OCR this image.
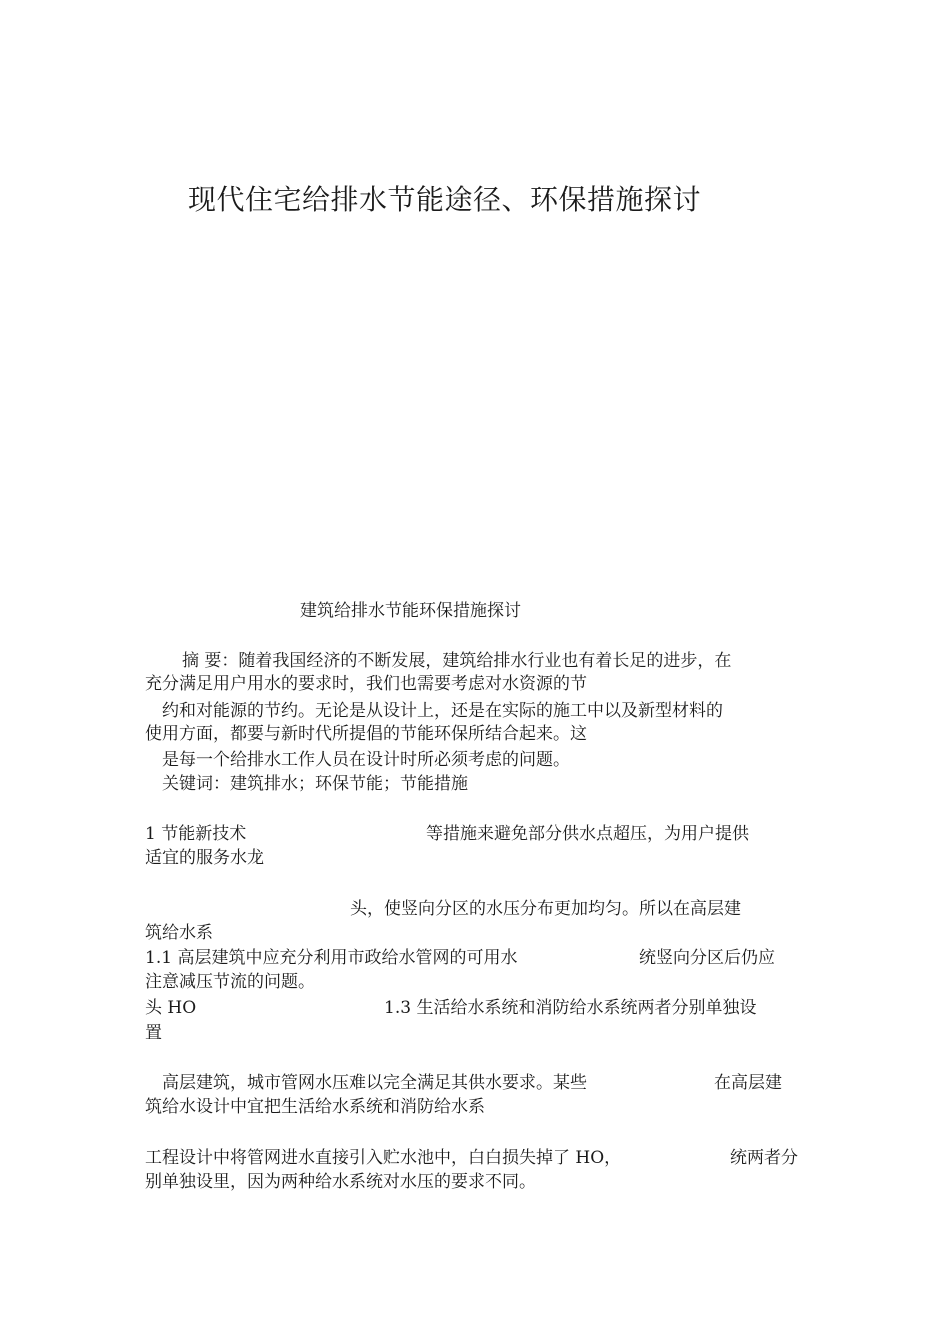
现代住宅给排水节能途径、环保措施探讨
建筑给排水节能环保措施探讨
摘 要：随着我国经济的不断发展，建筑给排水行业也有着长足的进步，在
充分满足用户用水的要求时，我们也需要考虑对水资源的节
约和对能源的节约。无论是从设计上，还是在实际的施工中以及新型材料的
使用方面，都要与新时代所提倡的节能环保所结合起来。这
是每一个给排水工作人员在设计时所必须考虑的问题。
关键词：建筑排水；环保节能；节能措施
1 节能新技术	等措施来避免部分供水点超压，为用户提供
适宜的服务水龙
头，使竖向分区的水压分布更加均匀。所以在高层建
筑给水系
1.1 高层建筑中应充分利用市政给水管网的可用水	统竖向分区后仍应
注意减压节流的问题。
头 HO	1.3 生活给水系统和消防给水系统两者分别单独设
置
高层建筑，城市管网水压难以完全满足其供水要求。某些	在高层建
筑给水设计中宜把生活给水系统和消防给水系
工程设计中将管网进水直接引入贮水池中，白白损失掉了 HO，	统两者分
别单独设里，因为两种给水系统对水压的要求不同。
